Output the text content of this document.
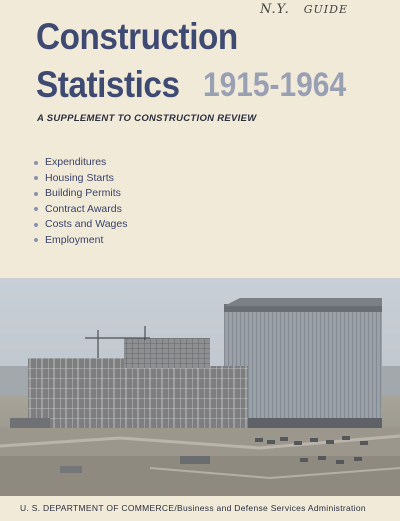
N.Y. GUIDE
Construction
Statistics 1915-1964
A SUPPLEMENT TO CONSTRUCTION REVIEW
Expenditures
Housing Starts
Building Permits
Contract Awards
Costs and Wages
Employment
U. S. DEPARTMENT OF COMMERCE/Business and Defense Services Administration
